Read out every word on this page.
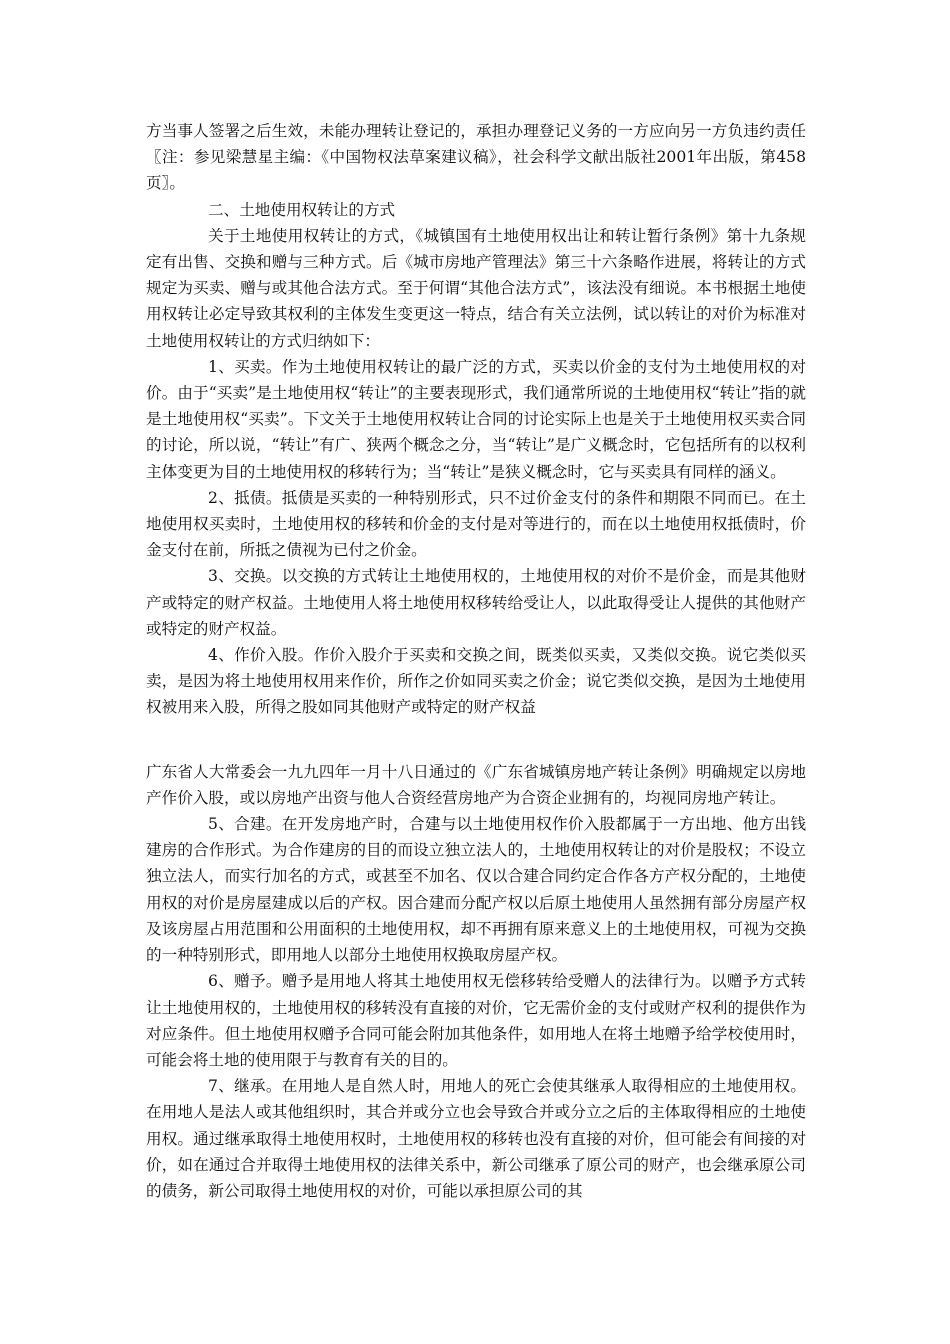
方当事人签署之后生效，未能办理转让登记的，承担办理登记义务的一方应向另一方负违约责任〖注：参见梁慧星主编：《中国物权法草案建议稿》，社会科学文献出版社2001年出版，第458页〗。

二、土地使用权转让的方式

关于土地使用权转让的方式，《城镇国有土地使用权出让和转让暂行条例》第十九条规定有出售、交换和赠与三种方式。后《城市房地产管理法》第三十六条略作进展，将转让的方式规定为买卖、赠与或其他合法方式。至于何谓“其他合法方式”，该法没有细说。本书根据土地使用权转让必定导致其权利的主体发生变更这一特点，结合有关立法例，试以转让的对价为标准对土地使用权转让的方式归纳如下：

1、买卖。作为土地使用权转让的最广泛的方式，买卖以价金的支付为土地使用权的对价。由于“买卖”是土地使用权“转让”的主要表现形式，我们通常所说的土地使用权“转让”指的就是土地使用权“买卖”。下文关于土地使用权转让合同的讨论实际上也是关于土地使用权买卖合同的讨论，所以说，“转让”有广、狭两个概念之分，当“转让”是广义概念时，它包括所有的以权利主体变更为目的土地使用权的移转行为；当“转让”是狭义概念时，它与买卖具有同样的涵义。

2、抵债。抵债是买卖的一种特别形式，只不过价金支付的条件和期限不同而已。在土地使用权买卖时，土地使用权的移转和价金的支付是对等进行的，而在以土地使用权抵债时，价金支付在前，所抵之债视为已付之价金。

3、交换。以交换的方式转让土地使用权的，土地使用权的对价不是价金，而是其他财产或特定的财产权益。土地使用人将土地使用权移转给受让人，以此取得受让人提供的其他财产或特定的财产权益。

4、作价入股。作价入股介于买卖和交换之间，既类似买卖，又类似交换。说它类似买卖，是因为将土地使用权用来作价，所作之价如同买卖之价金；说它类似交换，是因为土地使用权被用来入股，所得之股如同其他财产或特定的财产权益

广东省人大常委会一九九四年一月十八日通过的《广东省城镇房地产转让条例》明确规定以房地产作价入股，或以房地产出资与他人合资经营房地产为合资企业拥有的，均视同房地产转让。

5、合建。在开发房地产时，合建与以土地使用权作价入股都属于一方出地、他方出钱建房的合作形式。为合作建房的目的而设立独立法人的，土地使用权转让的对价是股权；不设立独立法人，而实行加名的方式，或甚至不加名、仅以合建合同约定合作各方产权分配的，土地使用权的对价是房屋建成以后的产权。因合建而分配产权以后原土地使用人虽然拥有部分房屋产权及该房屋占用范围和公用面积的土地使用权，却不再拥有原来意义上的土地使用权，可视为交换的一种特别形式，即用地人以部分土地使用权换取房屋产权。

6、赠予。赠予是用地人将其土地使用权无偿移转给受赠人的法律行为。以赠予方式转让土地使用权的，土地使用权的移转没有直接的对价，它无需价金的支付或财产权利的提供作为对应条件。但土地使用权赠予合同可能会附加其他条件，如用地人在将土地赠予给学校使用时，可能会将土地的使用限于与教育有关的目的。

7、继承。在用地人是自然人时，用地人的死亡会使其继承人取得相应的土地使用权。在用地人是法人或其他组织时，其合并或分立也会导致合并或分立之后的主体取得相应的土地使用权。通过继承取得土地使用权时，土地使用权的移转也没有直接的对价，但可能会有间接的对价，如在通过合并取得土地使用权的法律关系中，新公司继承了原公司的财产，也会继承原公司的债务，新公司取得土地使用权的对价，可能以承担原公司的其
